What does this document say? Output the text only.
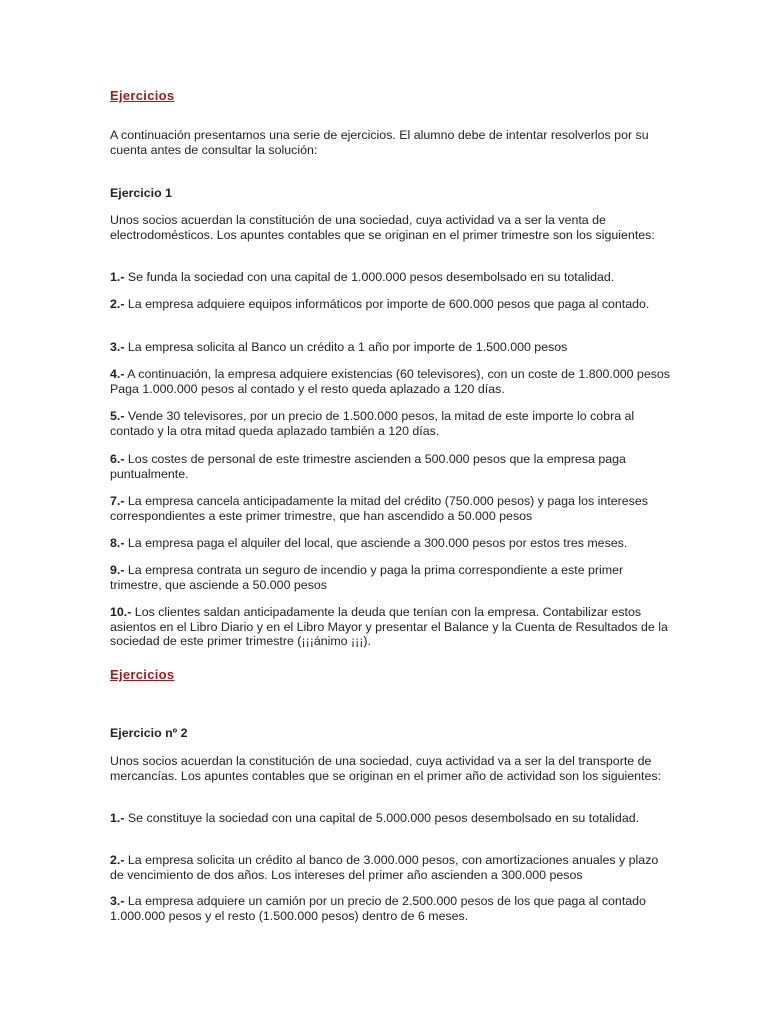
Ejercicios

A continuación presentamos una serie de ejercicios. El alumno debe de intentar resolverlos por su cuenta antes de consultar la solución:

Ejercicio 1

Unos socios acuerdan la constitución de una sociedad, cuya actividad va a ser la venta de electrodomésticos. Los apuntes contables que se originan en el primer trimestre son los siguientes:

1.- Se funda la sociedad con una capital de 1.000.000 pesos desembolsado en su totalidad.

2.- La empresa adquiere equipos informáticos por importe de 600.000 pesos que paga al contado.

3.- La empresa solicita al Banco un crédito a 1 año por importe de 1.500.000 pesos

4.- A continuación, la empresa adquiere existencias (60 televisores), con un coste de 1.800.000 pesos Paga 1.000.000 pesos al contado y el resto queda aplazado a 120 días.

5.- Vende 30 televisores, por un precio de 1.500.000 pesos, la mitad de este importe lo cobra al contado y la otra mitad queda aplazado también a 120 días.

6.- Los costes de personal de este trimestre ascienden a 500.000 pesos que la empresa paga puntualmente.

7.- La empresa cancela anticipadamente la mitad del crédito (750.000 pesos) y paga los intereses correspondientes a este primer trimestre, que han ascendido a 50.000 pesos

8.- La empresa paga el alquiler del local, que asciende a 300.000 pesos por estos tres meses.

9.- La empresa contrata un seguro de incendio y paga la prima correspondiente a este primer trimestre, que asciende a 50.000 pesos

10.- Los clientes saldan anticipadamente la deuda que tenían con la empresa. Contabilizar estos asientos en el Libro Diario y en el Libro Mayor y presentar el Balance y la Cuenta de Resultados de la sociedad de este primer trimestre (¡¡¡ánimo ¡¡¡).

Ejercicios

Ejercicio nº 2

Unos socios acuerdan la constitución de una sociedad, cuya actividad va a ser la del transporte de mercancías. Los apuntes contables que se originan en el primer año de actividad son los siguientes:

1.- Se constituye la sociedad con una capital de 5.000.000 pesos desembolsado en su totalidad.

2.- La empresa solicita un crédito al banco de 3.000.000 pesos, con amortizaciones anuales y plazo de vencimiento de dos años. Los intereses del primer año ascienden a 300.000 pesos

3.- La empresa adquiere un camión por un precio de 2.500.000 pesos de los que paga al contado 1.000.000 pesos y el resto (1.500.000 pesos) dentro de 6 meses.
